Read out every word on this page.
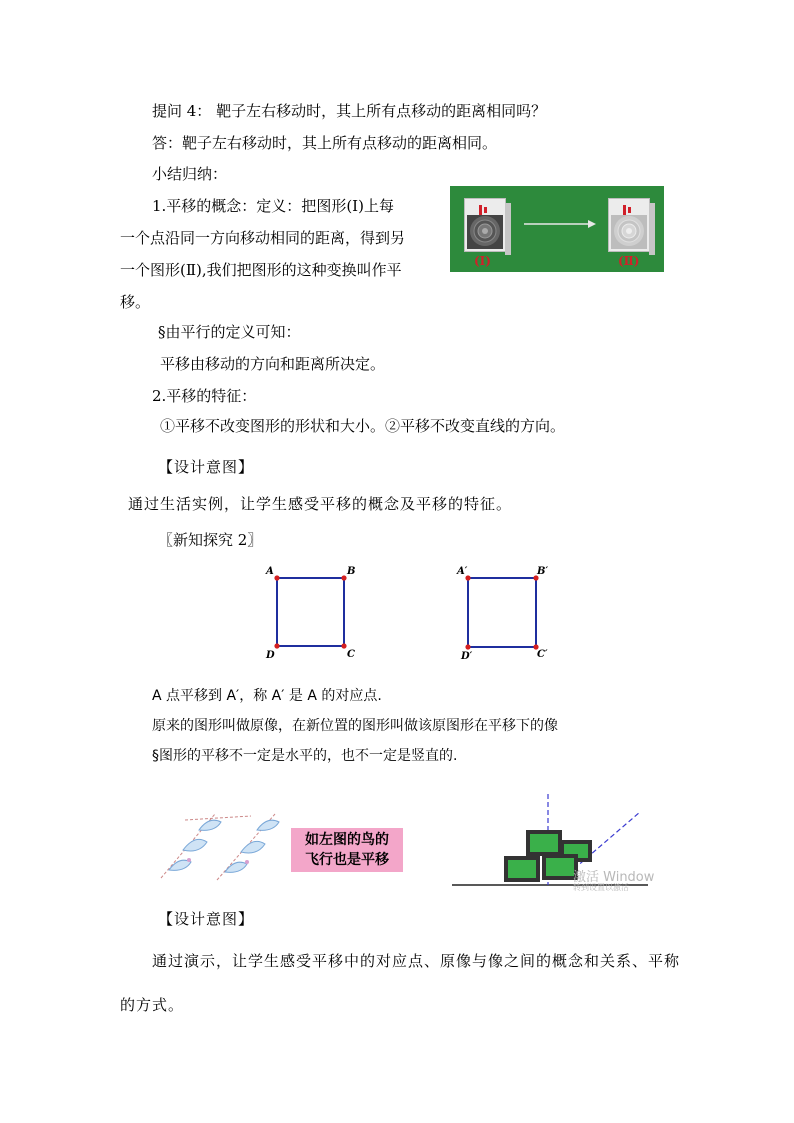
提问 4： 靶子左右移动时，其上所有点移动的距离相同吗？
答：靶子左右移动时，其上所有点移动的距离相同。
小结归纳：
1.平移的概念：定义：把图形(Ⅰ)上每
一个点沿同一方向移动相同的距离，得到另
一个图形(Ⅱ),我们把图形的这种变换叫作平
移。
(Ⅰ)	(Ⅱ)
§由平行的定义可知：
平移由移动的方向和距离所决定。
2.平移的特征：
①平移不改变图形的形状和大小。②平移不改变直线的方向。
【设计意图】
通过生活实例，让学生感受平移的概念及平移的特征。
〖新知探究 2〗
A	B
C
D
A′	B′
C′
D′
A 点平移到 A′，称 A′ 是 A 的对应点.
原来的图形叫做原像，在新位置的图形叫做该原图形在平移下的像
§图形的平移不一定是水平的，也不一定是竖直的.
如左图的鸟的
飞行也是平移
激活 Window
转到设置以激活
【设计意图】
通过演示，让学生感受平移中的对应点、原像与像之间的概念和关系、平称
的方式。
